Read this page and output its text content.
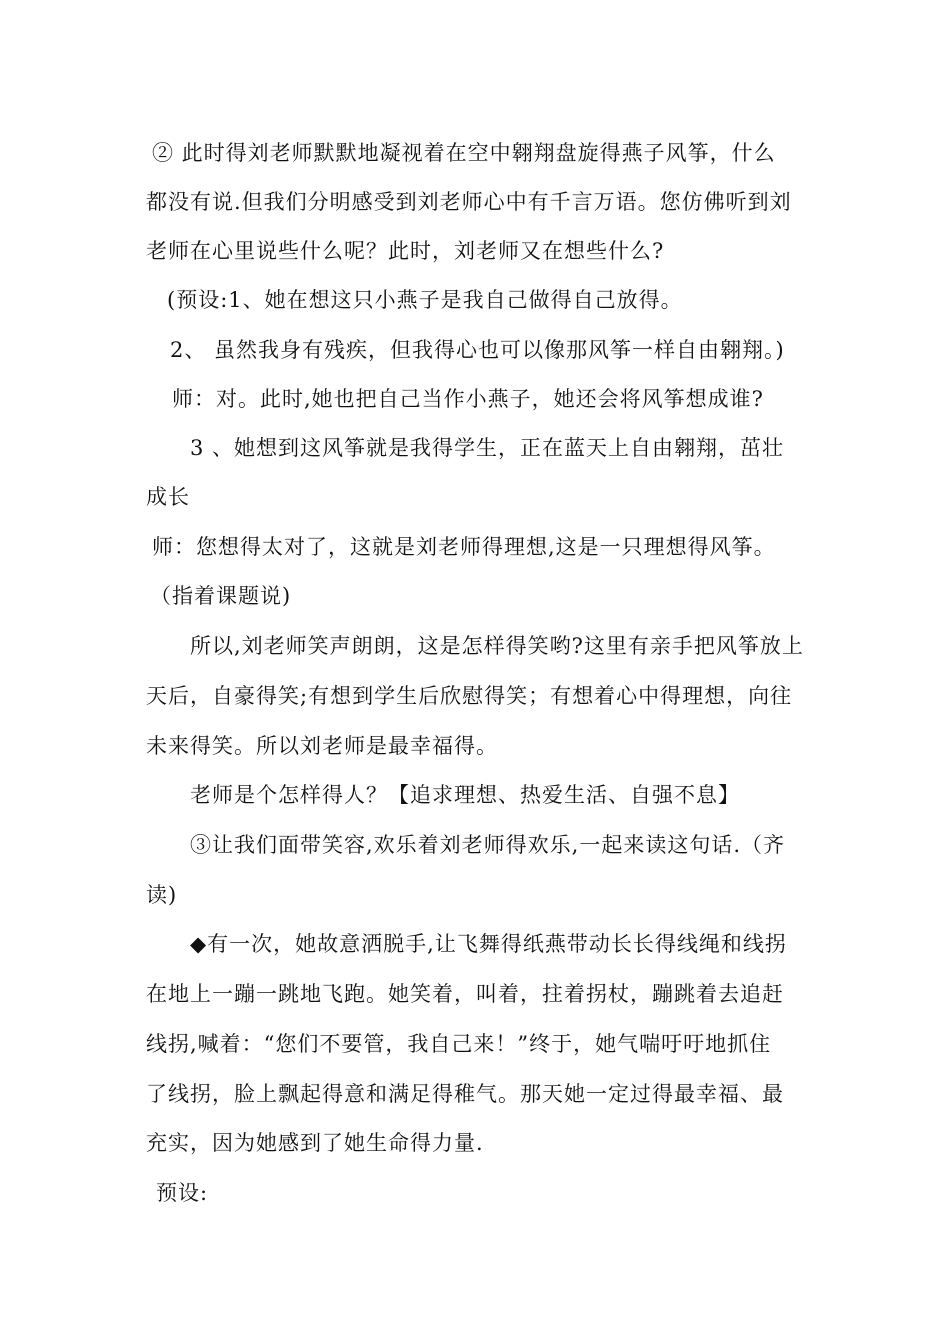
② 此时得刘老师默默地凝视着在空中翱翔盘旋得燕子风筝，什么
都没有说.但我们分明感受到刘老师心中有千言万语。您仿佛听到刘
老师在心里说些什么呢？此时，刘老师又在想些什么?
(预设:1、她在想这只小燕子是我自己做得自己放得。
2、 虽然我身有残疾，但我得心也可以像那风筝一样自由翱翔。)
师：对。此时,她也把自己当作小燕子，她还会将风筝想成谁?
3 、她想到这风筝就是我得学生，正在蓝天上自由翱翔，茁壮
成长
师：您想得太对了，这就是刘老师得理想,这是一只理想得风筝。
（指着课题说)
所以,刘老师笑声朗朗，这是怎样得笑哟?这里有亲手把风筝放上
天后，自豪得笑;有想到学生后欣慰得笑；有想着心中得理想，向往
未来得笑。所以刘老师是最幸福得。
老师是个怎样得人？【追求理想、热爱生活、自强不息】
③让我们面带笑容,欢乐着刘老师得欢乐,一起来读这句话.（齐
读)
◆有一次，她故意洒脱手,让飞舞得纸燕带动长长得线绳和线拐
在地上一蹦一跳地飞跑。她笑着，叫着，拄着拐杖，蹦跳着去追赶
线拐,喊着：“您们不要管，我自己来！”终于，她气喘吁吁地抓住
了线拐，脸上飘起得意和满足得稚气。那天她一定过得最幸福、最
充实，因为她感到了她生命得力量.
预设:
